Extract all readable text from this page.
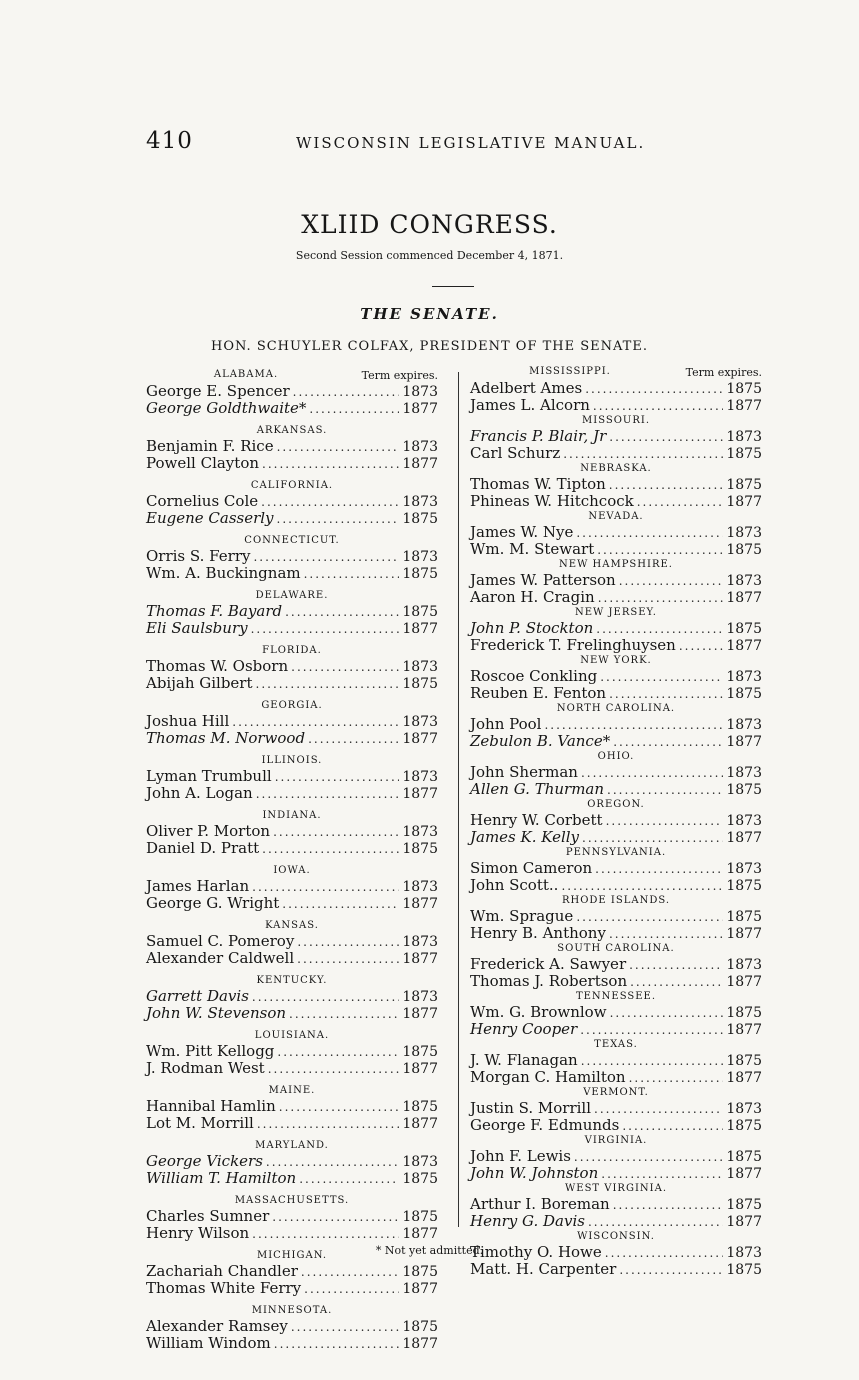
410	WISCONSIN LEGISLATIVE MANUAL.
XLIID CONGRESS.
Second Session commenced December 4, 1871.
THE SENATE.
HON. SCHUYLER COLFAX, PRESIDENT OF THE SENATE.
ALABAMA.	Term expires.
George E. Spencer .....	1873
George Goldthwaite* .....	1877
ARKANSAS.
Benjamin F. Rice .....	1873
Powell Clayton .....	1877
CALIFORNIA.
Cornelius Cole .....	1873
Eugene Casserly .....	1875
CONNECTICUT.
Orris S. Ferry .....	1873
Wm. A. Buckingnam .....	1875
DELAWARE.
Thomas F. Bayard .....	1875
Eli Saulsbury .....	1877
FLORIDA.
Thomas W. Osborn .....	1873
Abijah Gilbert .....	1875
GEORGIA.
Joshua Hill .....	1873
Thomas M. Norwood .....	1877
ILLINOIS.
Lyman Trumbull .....	1873
John A. Logan .....	1877
INDIANA.
Oliver P. Morton .....	1873
Daniel D. Pratt .....	1875
IOWA.
James Harlan .....	1873
George G. Wright .....	1877
KANSAS.
Samuel C. Pomeroy .....	1873
Alexander Caldwell .....	1877
KENTUCKY.
Garrett Davis .....	1873
John W. Stevenson .....	1877
LOUISIANA.
Wm. Pitt Kellogg .....	1875
J. Rodman West .....	1877
MAINE.
Hannibal Hamlin .....	1875
Lot M. Morrill .....	1877
MARYLAND.
George Vickers .....	1873
William T. Hamilton .....	1875
MASSACHUSETTS.
Charles Sumner .....	1875
Henry Wilson .....	1877
MICHIGAN.
Zachariah Chandler .....	1875
Thomas White Ferry .....	1877
MINNESOTA.
Alexander Ramsey .....	1875
William Windom .....	1877
MISSISSIPPI.	Term expires.
Adelbert Ames .....	1875
James L. Alcorn .....	1877
MISSOURI.
Francis P. Blair, Jr .....	1873
Carl Schurz .....	1875
NEBRASKA.
Thomas W. Tipton .....	1875
Phineas W. Hitchcock .....	1877
NEVADA.
James W. Nye .....	1873
Wm. M. Stewart .....	1875
NEW HAMPSHIRE.
James W. Patterson .....	1873
Aaron H. Cragin .....	1877
NEW JERSEY.
John P. Stockton .....	1875
Frederick T. Frelinghuysen .....	1877
NEW YORK.
Roscoe Conkling .....	1873
Reuben E. Fenton .....	1875
NORTH CAROLINA.
John Pool .....	1873
Zebulon B. Vance* .....	1877
OHIO.
John Sherman .....	1873
Allen G. Thurman .....	1875
OREGON.
Henry W. Corbett .....	1873
James K. Kelly .....	1877
PENNSYLVANIA.
Simon Cameron .....	1873
John Scott.. .....	1875
RHODE ISLANDS.
Wm. Sprague .....	1875
Henry B. Anthony .....	1877
SOUTH CAROLINA.
Frederick A. Sawyer .....	1873
Thomas J. Robertson .....	1877
TENNESSEE.
Wm. G. Brownlow .....	1875
Henry Cooper .....	1877
TEXAS.
J. W. Flanagan .....	1875
Morgan C. Hamilton .....	1877
VERMONT.
Justin S. Morrill .....	1873
George F. Edmunds .....	1875
VIRGINIA.
John F. Lewis .....	1875
John W. Johnston .....	1877
WEST VIRGINIA.
Arthur I. Boreman .....	1875
Henry G. Davis .....	1877
WISCONSIN.
Timothy O. Howe .....	1873
Matt. H. Carpenter .....	1875
* Not yet admitted.
